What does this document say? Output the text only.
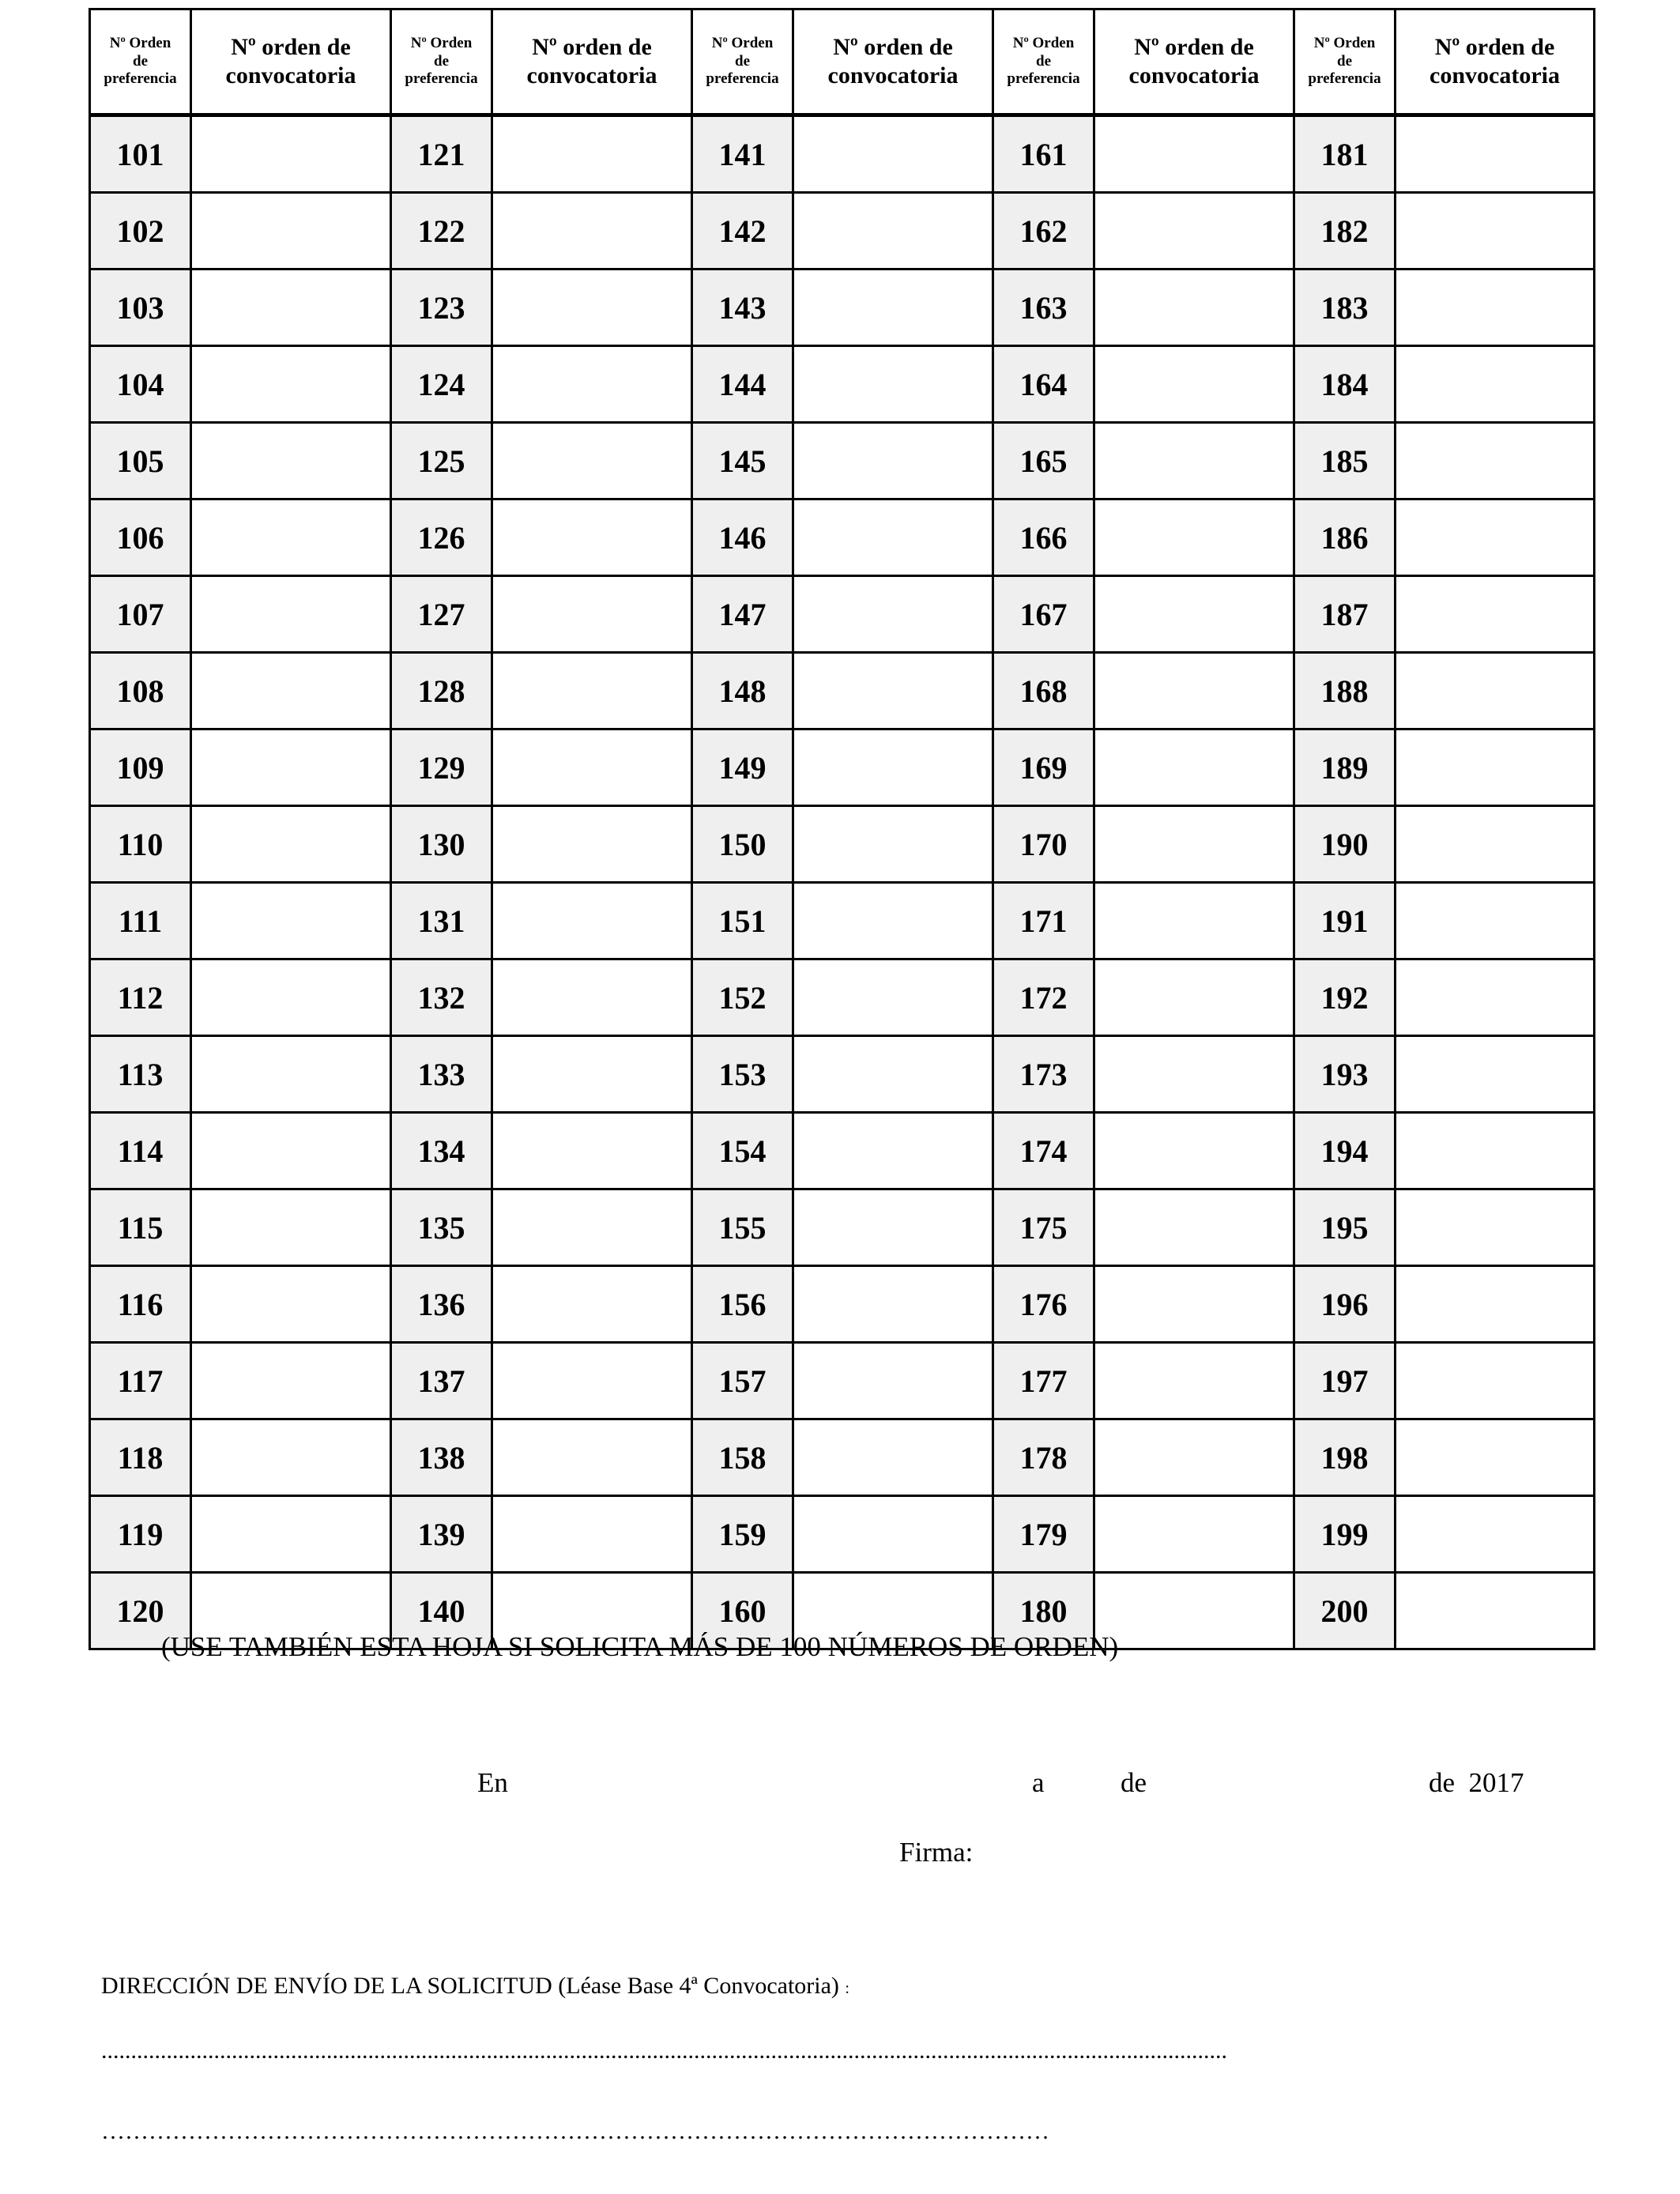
Nº Orden
de
preferencia	Nº orden de
convocatoria	Nº Orden
de
preferencia	Nº orden de
convocatoria	Nº Orden
de
preferencia	Nº orden de
convocatoria	Nº Orden
de
preferencia	Nº orden de
convocatoria	Nº Orden
de
preferencia	Nº orden de
convocatoria
101		121		141		161		181	
102		122		142		162		182	
103		123		143		163		183	
104		124		144		164		184	
105		125		145		165		185	
106		126		146		166		186	
107		127		147		167		187	
108		128		148		168		188	
109		129		149		169		189	
110		130		150		170		190	
111		131		151		171		191	
112		132		152		172		192	
113		133		153		173		193	
114		134		154		174		194	
115		135		155		175		195	
116		136		156		176		196	
117		137		157		177		197	
118		138		158		178		198	
119		139		159		179		199	
120		140		160		180		200	
(USE TAMBIÉN ESTA HOJA SI SOLICITA MÁS DE 100 NÚMEROS DE ORDEN)
En	a	de	de  2017
Firma:
DIRECCIÓN DE ENVÍO DE LA SOLICITUD (Léase Base 4ª Convocatoria) :
..............................................................................................................................................................................................
…………………………………………………………………………………………………………
